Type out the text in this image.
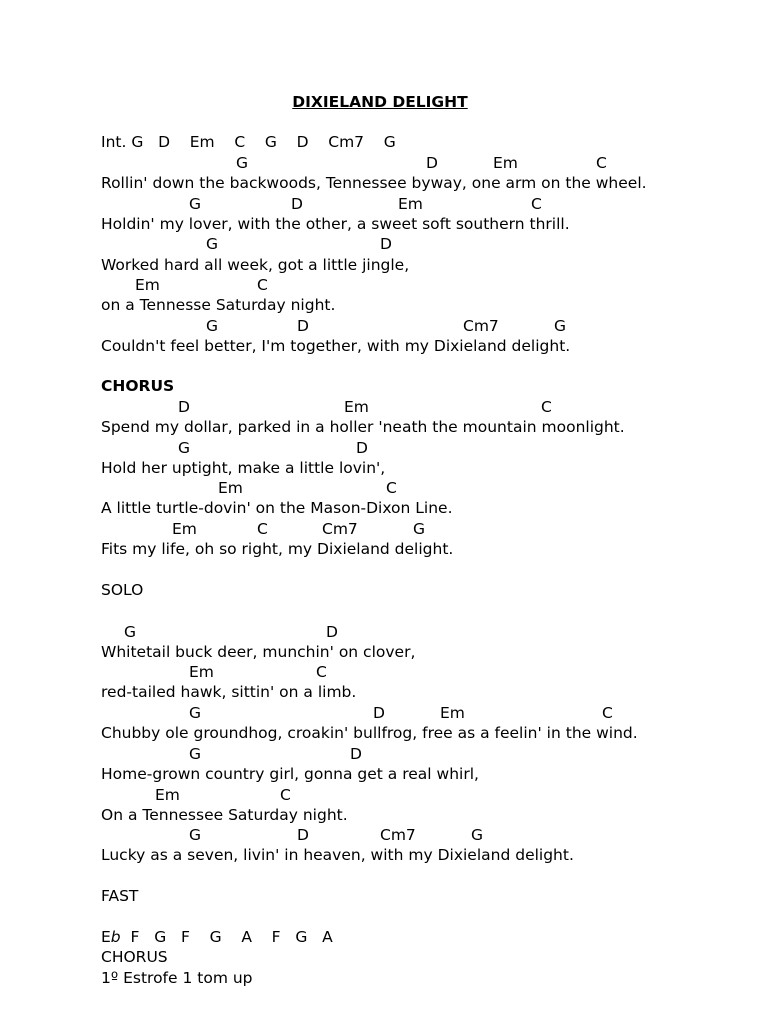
DIXIELAND DELIGHT
Int. G   D    Em    C    G    D    Cm7    G
G	D	Em	C
Rollin' down the backwoods, Tennessee byway, one arm on the wheel.
G	D	Em	C
Holdin' my lover, with the other, a sweet soft southern thrill.
G	D
Worked hard all week, got a little jingle,
Em	C
on a Tennesse Saturday night.
G	D	Cm7	G
Couldn't feel better, I'm together, with my Dixieland delight.
CHORUS
D	Em	C
Spend my dollar, parked in a holler 'neath the mountain moonlight.
G	D
Hold her uptight, make a little lovin',
Em	C
A little turtle-dovin' on the Mason-Dixon Line.
Em	C	Cm7	G
Fits my life, oh so right, my Dixieland delight.
SOLO
G	D
Whitetail buck deer, munchin' on clover,
Em	C
red-tailed hawk, sittin' on a limb.
G	D	Em	C
Chubby ole groundhog, croakin' bullfrog, free as a feelin' in the wind.
G	D
Home-grown country girl, gonna get a real whirl,
Em	C
On a Tennessee Saturday night.
G	D	Cm7	G
Lucky as a seven, livin' in heaven, with my Dixieland delight.
FAST
Eb  F   G   F    G    A    F   G   A
CHORUS
1º Estrofe 1 tom up
